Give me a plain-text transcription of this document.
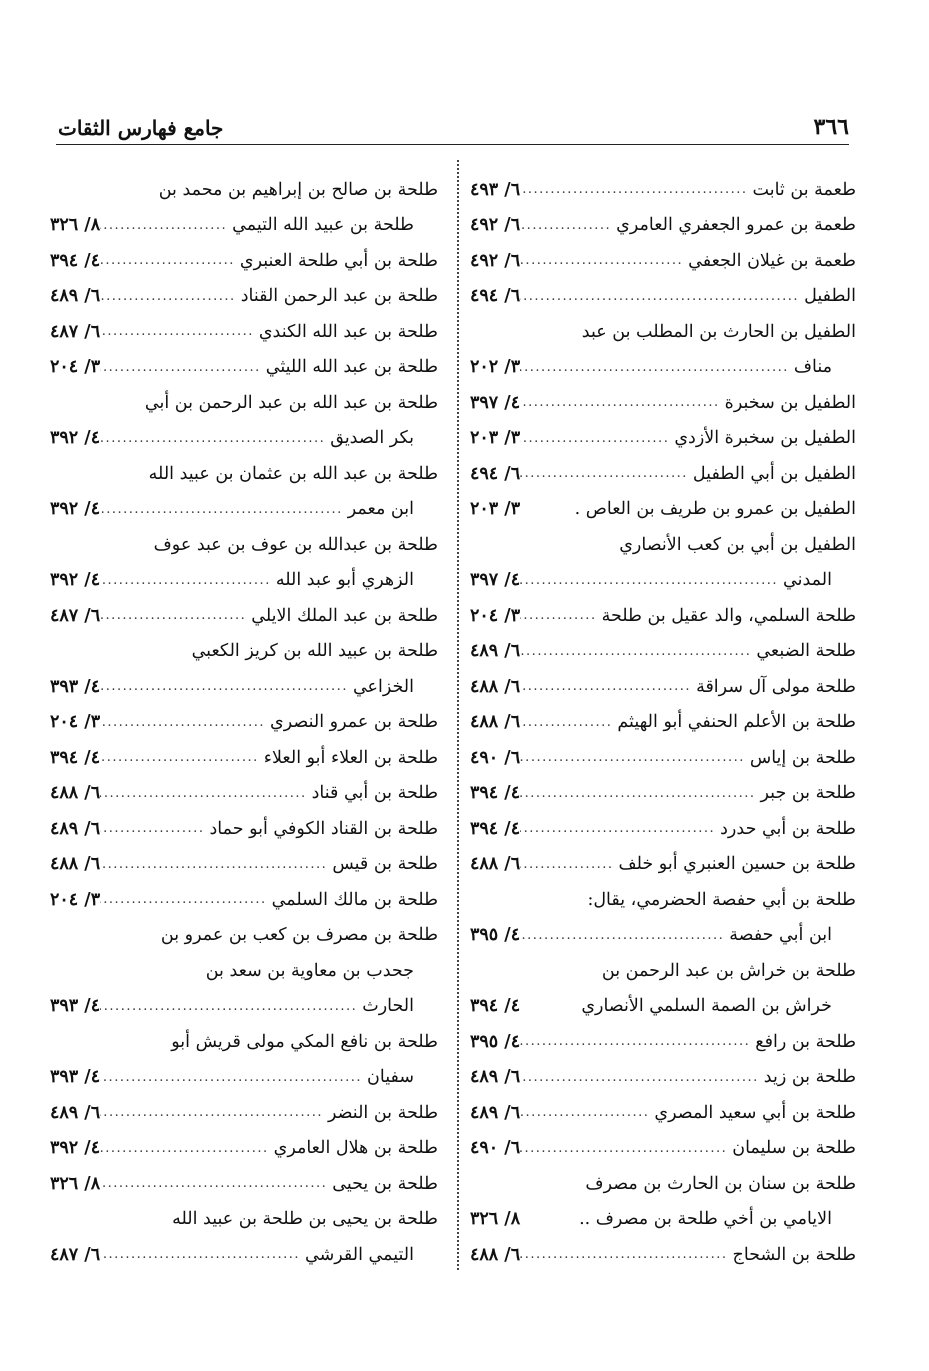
٣٦٦
جامع فهارس الثقات
طعمة بن ثابت
.....
٦/ ٤٩٣
طعمة بن عمرو الجعفري العامري
.....
٦/ ٤٩٢
طعمة بن غيلان الجعفي
.....
٦/ ٤٩٢
الطفيل
.....
٦/ ٤٩٤
الطفيل بن الحارث بن المطلب بن عبد
مناف
.....
٣/ ٢٠٢
الطفيل بن سخبرة
.....
٤/ ٣٩٧
الطفيل بن سخبرة الأزدي
.....
٣/ ٢٠٣
الطفيل بن أبي الطفيل
.....
٦/ ٤٩٤
الطفيل بن عمرو بن طريف بن العاص .
٣/ ٢٠٣
الطفيل بن أبي بن كعب الأنصاري
المدني
.....
٤/ ٣٩٧
طلحة السلمي، والد عقيل بن طلحة
.....
٣/ ٢٠٤
طلحة الضبعي
.....
٦/ ٤٨٩
طلحة مولى آل سراقة
.....
٦/ ٤٨٨
طلحة بن الأعلم الحنفي أبو الهيثم
.....
٦/ ٤٨٨
طلحة بن إياس
.....
٦/ ٤٩٠
طلحة بن جبر
.....
٤/ ٣٩٤
طلحة بن أبي حدرد
.....
٤/ ٣٩٤
طلحة بن حسين العنبري أبو خلف
.....
٦/ ٤٨٨
طلحة بن أبي حفصة الحضرمي، يقال:
ابن أبي حفصة
.....
٤/ ٣٩٥
طلحة بن خراش بن عبد الرحمن بن
خراش بن الصمة السلمي الأنصاري
٤/ ٣٩٤
طلحة بن رافع
.....
٤/ ٣٩٥
طلحة بن زيد
.....
٦/ ٤٨٩
طلحة بن أبي سعيد المصري
.....
٦/ ٤٨٩
طلحة بن سليمان
.....
٦/ ٤٩٠
طلحة بن سنان بن الحارث بن مصرف
الايامي بن أخي طلحة بن مصرف ..
٨/ ٣٢٦
طلحة بن الشحاج
.....
٦/ ٤٨٨
طلحة بن صالح بن إبراهيم بن محمد بن
طلحة بن عبيد الله التيمي
.....
٨/ ٣٢٦
طلحة بن أبي طلحة العنبري
.....
٤/ ٣٩٤
طلحة بن عبد الرحمن القناد
.....
٦/ ٤٨٩
طلحة بن عبد الله الكندي
.....
٦/ ٤٨٧
طلحة بن عبد الله الليثي
.....
٣/ ٢٠٤
طلحة بن عبد الله بن عبد الرحمن بن أبي
بكر الصديق
.....
٤/ ٣٩٢
طلحة بن عبد الله بن عثمان بن عبيد الله
ابن معمر
.....
٤/ ٣٩٢
طلحة بن عبدالله بن عوف بن عبد عوف
الزهري أبو عبد الله
.....
٤/ ٣٩٢
طلحة بن عبد الملك الايلي
.....
٦/ ٤٨٧
طلحة بن عبيد الله بن كريز الكعبي
الخزاعي
.....
٤/ ٣٩٣
طلحة بن عمرو النصري
.....
٣/ ٢٠٤
طلحة بن العلاء أبو العلاء
.....
٤/ ٣٩٤
طلحة بن أبي قناد
.....
٦/ ٤٨٨
طلحة بن القناد الكوفي أبو حماد
.....
٦/ ٤٨٩
طلحة بن قيس
.....
٦/ ٤٨٨
طلحة بن مالك السلمي
.....
٣/ ٢٠٤
طلحة بن مصرف بن كعب بن عمرو بن
جحدب بن معاوية بن سعد بن
الحارث
.....
٤/ ٣٩٣
طلحة بن نافع المكي مولى قريش أبو
سفيان
.....
٤/ ٣٩٣
طلحة بن النضر
.....
٦/ ٤٨٩
طلحة بن هلال العامري
.....
٤/ ٣٩٢
طلحة بن يحيى
.....
٨/ ٣٢٦
طلحة بن يحيى بن طلحة بن عبيد الله
التيمي القرشي
.....
٦/ ٤٨٧
